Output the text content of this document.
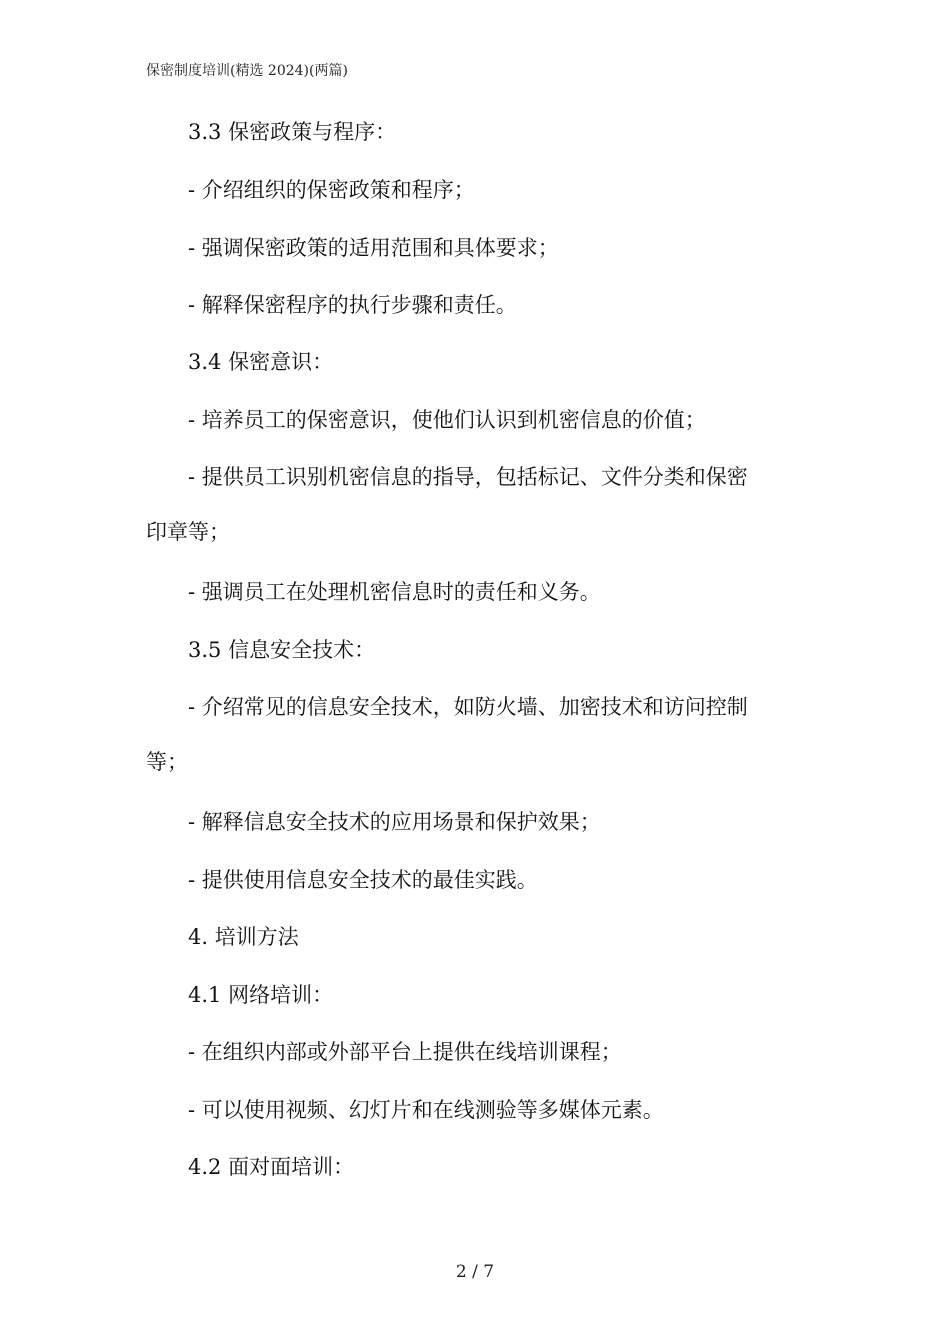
保密制度培训(精选 2024)(两篇)
3.3 保密政策与程序：
- 介绍组织的保密政策和程序；
- 强调保密政策的适用范围和具体要求；
- 解释保密程序的执行步骤和责任。
3.4 保密意识：
- 培养员工的保密意识，使他们认识到机密信息的价值；
- 提供员工识别机密信息的指导，包括标记、文件分类和保密
印章等；
- 强调员工在处理机密信息时的责任和义务。
3.5 信息安全技术：
- 介绍常见的信息安全技术，如防火墙、加密技术和访问控制
等；
- 解释信息安全技术的应用场景和保护效果；
- 提供使用信息安全技术的最佳实践。
4. 培训方法
4.1 网络培训：
- 在组织内部或外部平台上提供在线培训课程；
- 可以使用视频、幻灯片和在线测验等多媒体元素。
4.2 面对面培训：
2 / 7
